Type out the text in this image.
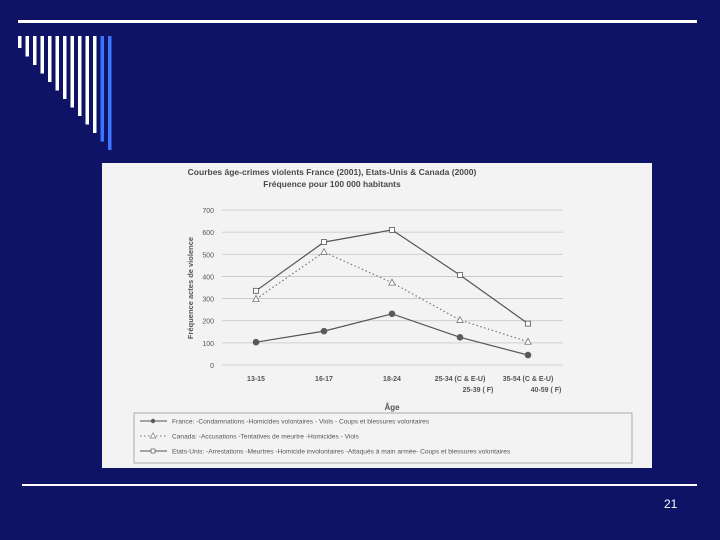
Courbes âge-crimes violents France (2001), Etats-Unis & Canada (2000)
Fréquence pour 100 000 habitants
0
100
200
300
400
500
600
700
Fréquence actes de violence
13-15	16-17	18-24	25-34 (C & E-U)
25-39 ( F)
35-54 (C & E-U)
40-59 ( F)
Âge
France: -Condamnations -Homicides volontaires - Viols - Coups et blessures volontaires
Canada: -Accusations -Tentatives de meurtre -Homicides - Viols
Etats-Unis: -Arrestations -Meurtres -Homicide involontaires -Attaqués à main armée- Coups et blessures volontaires
21
